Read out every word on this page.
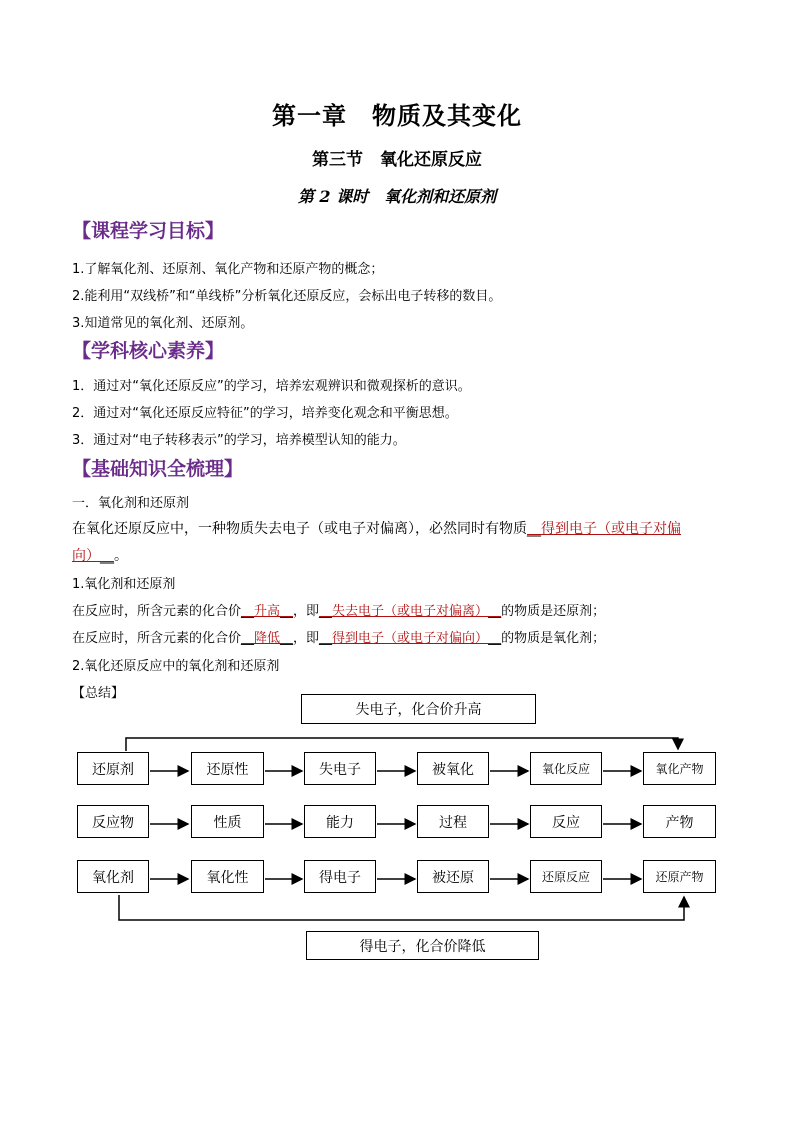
第一章　物质及其变化
第三节　氧化还原反应
第 2 课时　氧化剂和还原剂
【课程学习目标】
1.了解氧化剂、还原剂、氧化产物和还原产物的概念；
2.能利用“双线桥”和“单线桥”分析氧化还原反应，会标出电子转移的数目。
3.知道常见的氧化剂、还原剂。
【学科核心素养】
1．通过对“氧化还原反应”的学习，培养宏观辨识和微观探析的意识。
2．通过对“氧化还原反应特征”的学习，培养变化观念和平衡思想。
3．通过对“电子转移表示”的学习，培养模型认知的能力。
【基础知识全梳理】
一．氧化剂和还原剂
在氧化还原反应中，一种物质失去电子（或电子对偏离），必然同时有物质__得到电子（或电子对偏
向）__。
1.氧化剂和还原剂
在反应时，所含元素的化合价__升高__，即__失去电子（或电子对偏离）__的物质是还原剂；
在反应时，所含元素的化合价__降低__，即__得到电子（或电子对偏向）__的物质是氧化剂；
2.氧化还原反应中的氧化剂和还原剂
【总结】
失电子，化合价升高
得电子，化合价降低
还原剂	还原性	失电子	被氧化	氧化反应	氧化产物
反应物	性质	能力	过程	反应	产物
氧化剂	氧化性	得电子	被还原	还原反应	还原产物
